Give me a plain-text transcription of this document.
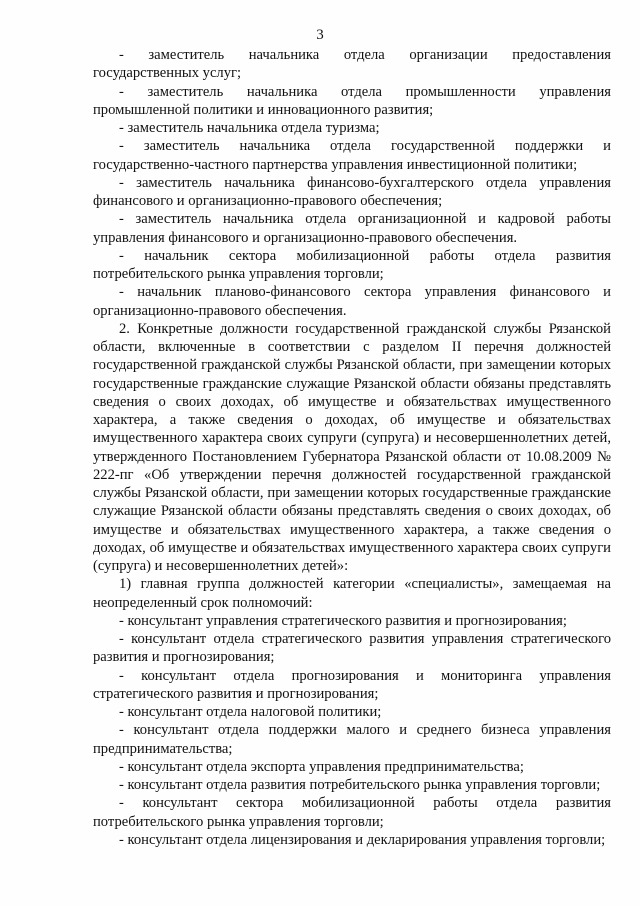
3

- заместитель начальника отдела организации предоставления государственных услуг;

- заместитель начальника отдела промышленности управления промышленной политики и инновационного развития;

- заместитель начальника отдела туризма;

- заместитель начальника отдела государственной поддержки и государственно-частного партнерства управления инвестиционной политики;

- заместитель начальника финансово-бухгалтерского отдела управления финансового и организационно-правового обеспечения;

- заместитель начальника отдела организационной и кадровой работы управления финансового и организационно-правового обеспечения.

- начальник сектора мобилизационной работы отдела развития потребительского рынка управления торговли;

- начальник планово-финансового сектора управления финансового и организационно-правового обеспечения.

2. Конкретные должности государственной гражданской службы Рязанской области, включенные в соответствии с разделом II перечня должностей государственной гражданской службы Рязанской области, при замещении которых государственные гражданские служащие Рязанской области обязаны представлять сведения о своих доходах, об имуществе и обязательствах имущественного характера, а также сведения о доходах, об имуществе и обязательствах имущественного характера своих супруги (супруга) и несовершеннолетних детей, утвержденного Постановлением Губернатора Рязанской области от 10.08.2009 № 222-пг «Об утверждении перечня должностей государственной гражданской службы Рязанской области, при замещении которых государственные гражданские служащие Рязанской области обязаны представлять сведения о своих доходах, об имуществе и обязательствах имущественного характера, а также сведения о доходах, об имуществе и обязательствах имущественного характера своих супруги (супруга) и несовершеннолетних детей»:

1) главная группа должностей категории «специалисты», замещаемая на неопределенный срок полномочий:

- консультант управления стратегического развития и прогнозирования;

- консультант отдела стратегического развития управления стратегического развития и прогнозирования;

- консультант отдела прогнозирования и мониторинга управления стратегического развития и прогнозирования;

- консультант отдела налоговой политики;

- консультант отдела поддержки малого и среднего бизнеса управления предпринимательства;

- консультант отдела экспорта управления предпринимательства;

- консультант отдела развития потребительского рынка управления торговли;

- консультант сектора мобилизационной работы отдела развития потребительского рынка управления торговли;

- консультант отдела лицензирования и декларирования управления торговли;
